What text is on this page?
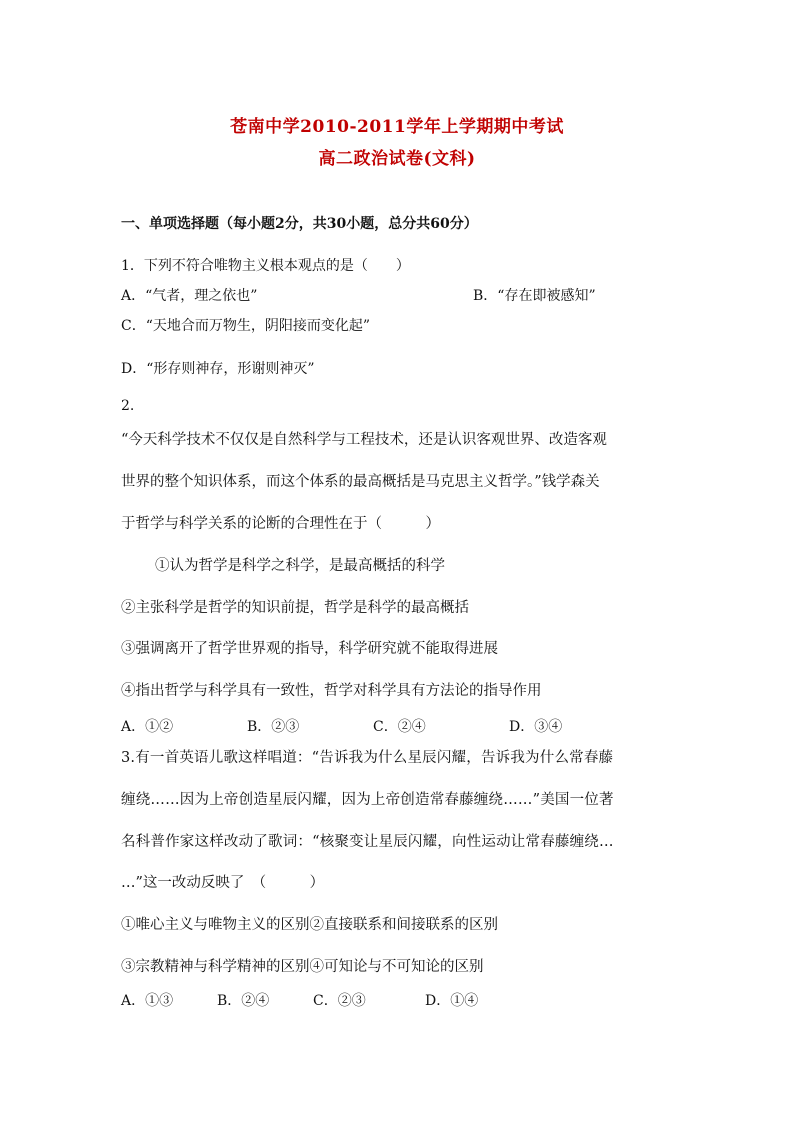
苍南中学2010-2011学年上学期期中考试
高二政治试卷(文科)
一、单项选择题（每小题2分，共30小题，总分共60分）
1．下列不符合唯物主义根本观点的是（　　）
A．“气者，理之依也”	B．“存在即被感知”
C．“天地合而万物生，阴阳接而变化起”
D．“形存则神存，形谢则神灭”
2.
“今天科学技术不仅仅是自然科学与工程技术，还是认识客观世界、改造客观
世界的整个知识体系，而这个体系的最高概括是马克思主义哲学。”钱学森关
于哲学与科学关系的论断的合理性在于（　　　）
①认为哲学是科学之科学，是最高概括的科学
②主张科学是哲学的知识前提，哲学是科学的最高概括
③强调离开了哲学世界观的指导，科学研究就不能取得进展
④指出哲学与科学具有一致性，哲学对科学具有方法论的指导作用
A．①②	B．②③	C．②④	D．③④
3.有一首英语儿歌这样唱道：“告诉我为什么星辰闪耀，告诉我为什么常春藤
缠绕……因为上帝创造星辰闪耀，因为上帝创造常春藤缠绕……”美国一位著
名科普作家这样改动了歌词：“核聚变让星辰闪耀，向性运动让常春藤缠绕…
…”这一改动反映了　（　　　）
①唯心主义与唯物主义的区别②直接联系和间接联系的区别
③宗教精神与科学精神的区别④可知论与不可知论的区别
A．①③	B．②④	C．②③	D．①④
